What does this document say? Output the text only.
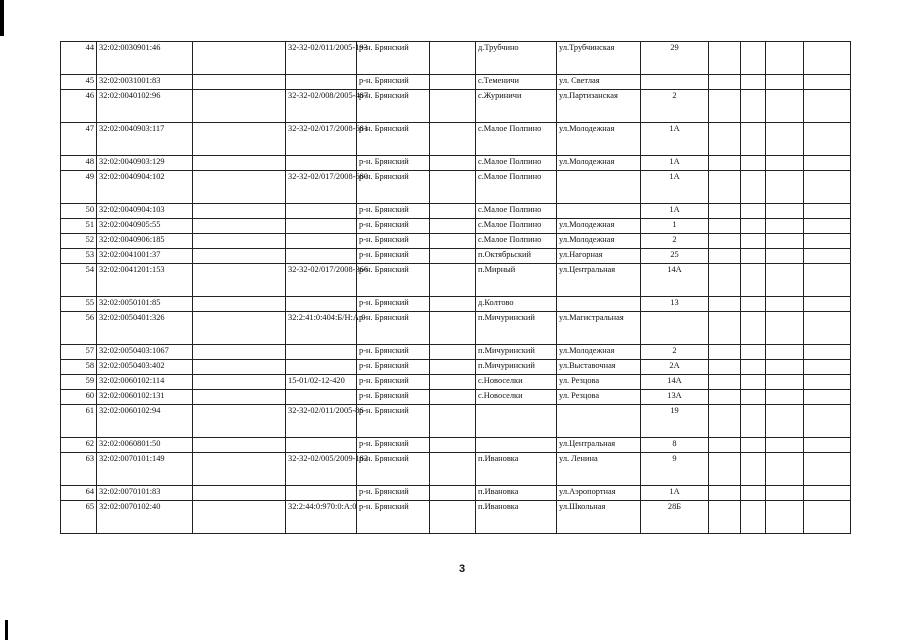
44	32:02:0030901:46		32-32-02/011/2005-193	р-н. Брянский		д.Трубчино	ул.Трубчинская	29				
45	32:02:0031001:83			р-н. Брянский		с.Теменичи	ул. Светлая					
46	32:02:0040102:96		32-32-02/008/2005-487	р-н. Брянский		с.Журиничи	ул.Партизанская	2				
47	32:02:0040903:117		32-32-02/017/2008-681	р-н. Брянский		с.Малое Полпино	ул.Молодежная	1А				
48	32:02:0040903:129			р-н. Брянский		с.Малое Полпино	ул.Молодежная	1А				
49	32:02:0040904:102		32-32-02/017/2008-680	р-н. Брянский		с.Малое Полпино		1А				
50	32:02:0040904:103			р-н. Брянский		с.Малое Полпино		1А				
51	32:02:0040905:55			р-н. Брянский		с.Малое Полпино	ул.Молодежная	1				
52	32:02:0040906:185			р-н. Брянский		с.Малое Полпино	ул.Молодежная	2				
53	32:02:0041001:37			р-н. Брянский		п.Октябрьский	ул.Нагорная	25				
54	32:02:0041201:153		32-32-02/017/2008-366	р-н. Брянский		п.Мирный	ул.Центральная	14А				
55	32:02:0050101:85			р-н. Брянский		д.Колтово		13				
56	32:02:0050401:326		32:2:41:0:404:Б/Н:А:0	р-н. Брянский		п.Мичуринский	ул.Магистральная					
57	32:02:0050403:1067			р-н. Брянский		п.Мичуринский	ул.Молодежная	2				
58	32:02:0050403:402			р-н. Брянский		п.Мичуринский	ул.Выставочная	2А				
59	32:02:0060102:114		15-01/02-12-420	р-н. Брянский		с.Новоселки	ул. Резцова	14А				
60	32:02:0060102:131			р-н. Брянский		с.Новоселки	ул. Резцова	13А				
61	32:02:0060102:94		32-32-02/011/2005-86	р-н. Брянский				19				
62	32:02:0060801:50			р-н. Брянский			ул.Центральная	8				
63	32:02:0070101:149		32-32-02/005/2009-182	р-н. Брянский		п.Ивановка	ул. Ленина	9				
64	32:02:0070101:83			р-н. Брянский		п.Ивановка	ул.Аэропортная	1А				
65	32:02:0070102:40		32:2:44:0:970:0:А:0	р-н. Брянский		п.Ивановка	ул.Школьная	28Б				
3
